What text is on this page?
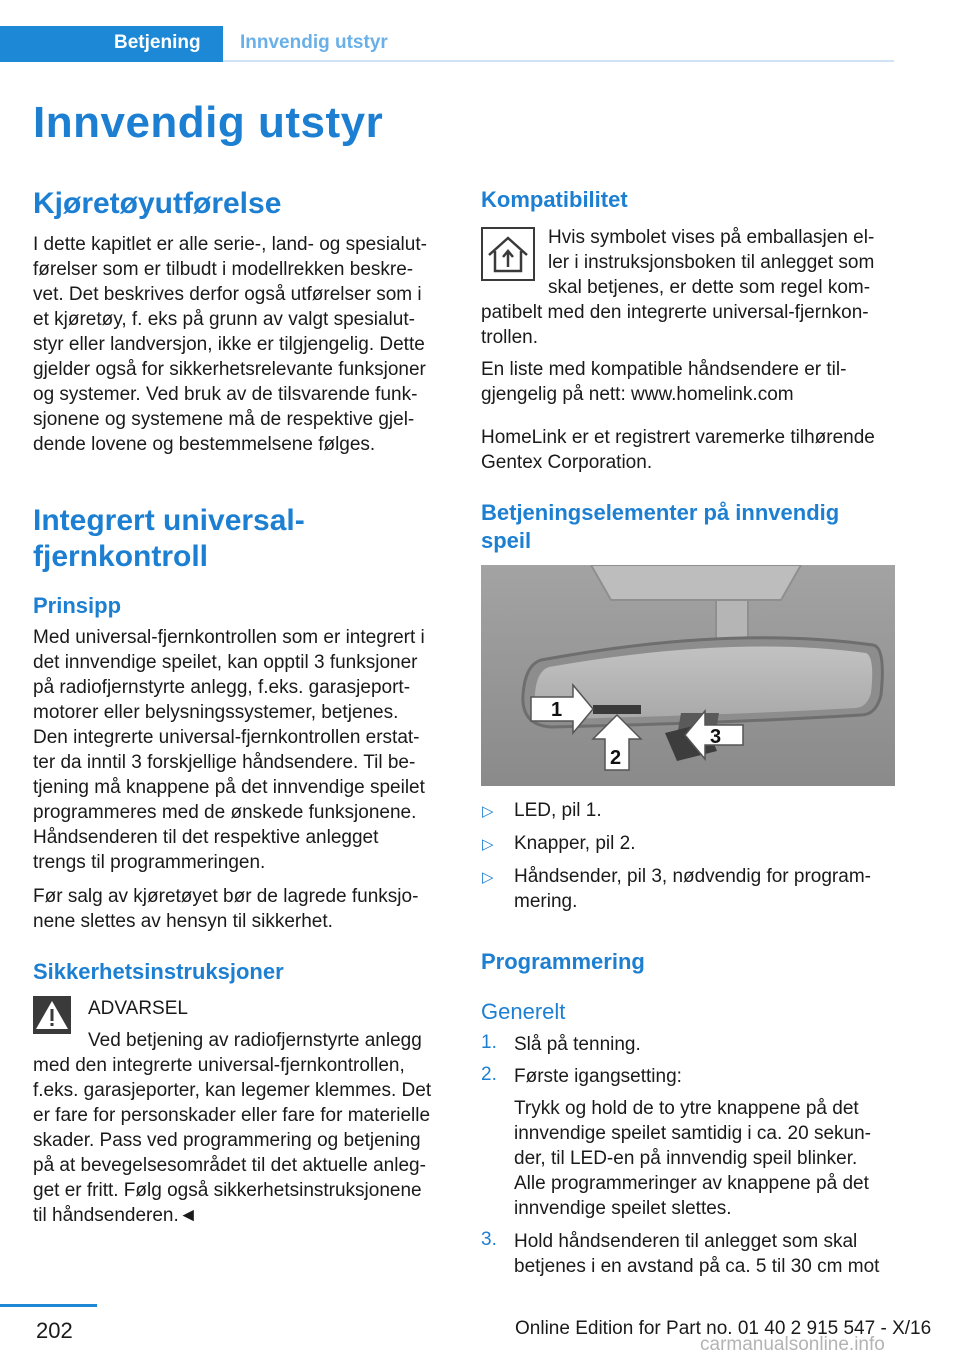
Betjening Innvendig utstyr
Innvendig utstyr
Kjøretøyutførelse
I dette kapitlet er alle serie-, land- og spesialut-
førelser som er tilbudt i modellrekken beskre-
vet. Det beskrives derfor også utførelser som i
et kjøretøy, f. eks på grunn av valgt spesialut-
styr eller landversjon, ikke er tilgjengelig. Dette
gjelder også for sikkerhetsrelevante funksjoner
og systemer. Ved bruk av de tilsvarende funk-
sjonene og systemene må de respektive gjel-
dende lovene og bestemmelsene følges.
Integrert universal-
fjernkontroll
Prinsipp
Med universal-fjernkontrollen som er integrert i
det innvendige speilet, kan opptil 3 funksjoner
på radiofjernstyrte anlegg, f.eks. garasjeport-
motorer eller belysningssystemer, betjenes.
Den integrerte universal-fjernkontrollen erstat-
ter da inntil 3 forskjellige håndsendere. Til be-
tjening må knappene på det innvendige speilet
programmeres med de ønskede funksjonene.
Håndsenderen til det respektive anlegget
trengs til programmeringen.
Før salg av kjøretøyet bør de lagrede funksjo-
nene slettes av hensyn til sikkerhet.
Sikkerhetsinstruksjoner
ADVARSEL
Ved betjening av radiofjernstyrte anlegg
med den integrerte universal-fjernkontrollen,
f.eks. garasjeporter, kan legemer klemmes. Det
er fare for personskader eller fare for materielle
skader. Pass ved programmering og betjening
på at bevegelsesområdet til det aktuelle anleg-
get er fritt. Følg også sikkerhetsinstruksjonene
til håndsenderen.◄
Kompatibilitet
Hvis symbolet vises på emballasjen el-
ler i instruksjonsboken til anlegget som
skal betjenes, er dette som regel kom-
patibelt med den integrerte universal-fjernkon-
trollen.
En liste med kompatible håndsendere er til-
gjengelig på nett: www.homelink.com
HomeLink er et registrert varemerke tilhørende
Gentex Corporation.
Betjeningselementer på innvendig
speil
1
2
3
▷ LED, pil 1.
▷ Knapper, pil 2.
▷ Håndsender, pil 3, nødvendig for program-
mering.
Programmering
Generelt
1. Slå på tenning.
2. Første igangsetting:
Trykk og hold de to ytre knappene på det
innvendige speilet samtidig i ca. 20 sekun-
der, til LED-en på innvendig speil blinker.
Alle programmeringer av knappene på det
innvendige speilet slettes.
3. Hold håndsenderen til anlegget som skal
betjenes i en avstand på ca. 5 til 30 cm mot
202	Online Edition for Part no. 01 40 2 915 547 - X/16
carmanualsonline.info
